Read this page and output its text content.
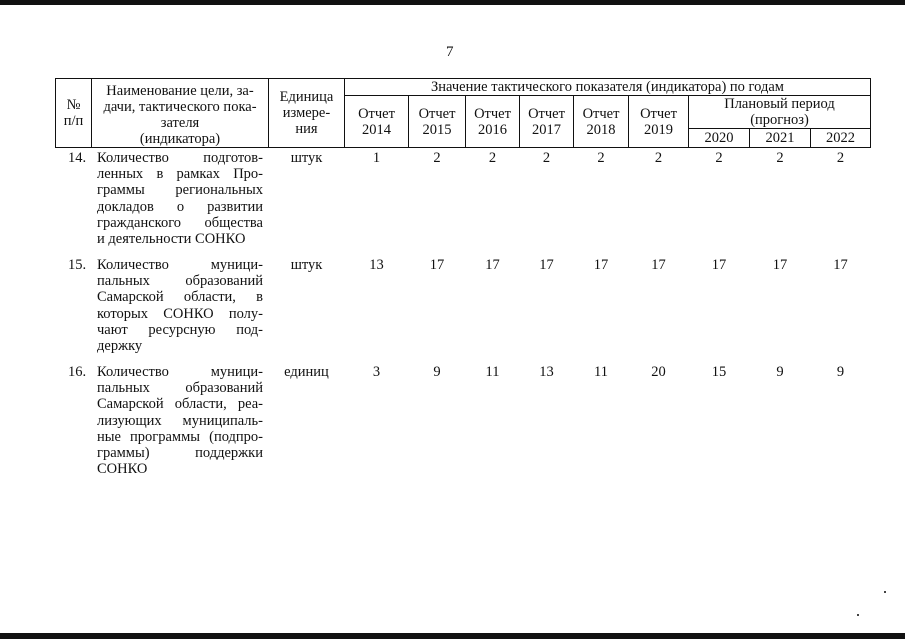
7
№
п/п
Наименование цели, за-
дачи, тактического пока-
зателя
(индикатора)
Единица
измере-
ния
Значение тактического показателя (индикатора) по годам
Отчет
2014
Отчет
2015
Отчет
2016
Отчет
2017
Отчет
2018
Отчет
2019
Плановый период
(прогноз)
2020	2021	2022
14. Количество подготов-
ленных в рамках Про-
граммы региональных
докладов о развитии
гражданского общества
и деятельности СОНКО
штук	1	2	2	2	2	2	2	2	2
15. Количество муници-
пальных образований
Самарской области, в
которых СОНКО полу-
чают ресурсную под-
держку
штук	13	17	17	17	17	17	17	17	17
16. Количество муници-
пальных образований
Самарской области, реа-
лизующих муниципаль-
ные программы (подпро-
граммы) поддержки
СОНКО
единиц	3	9	11	13	11	20	15	9	9
